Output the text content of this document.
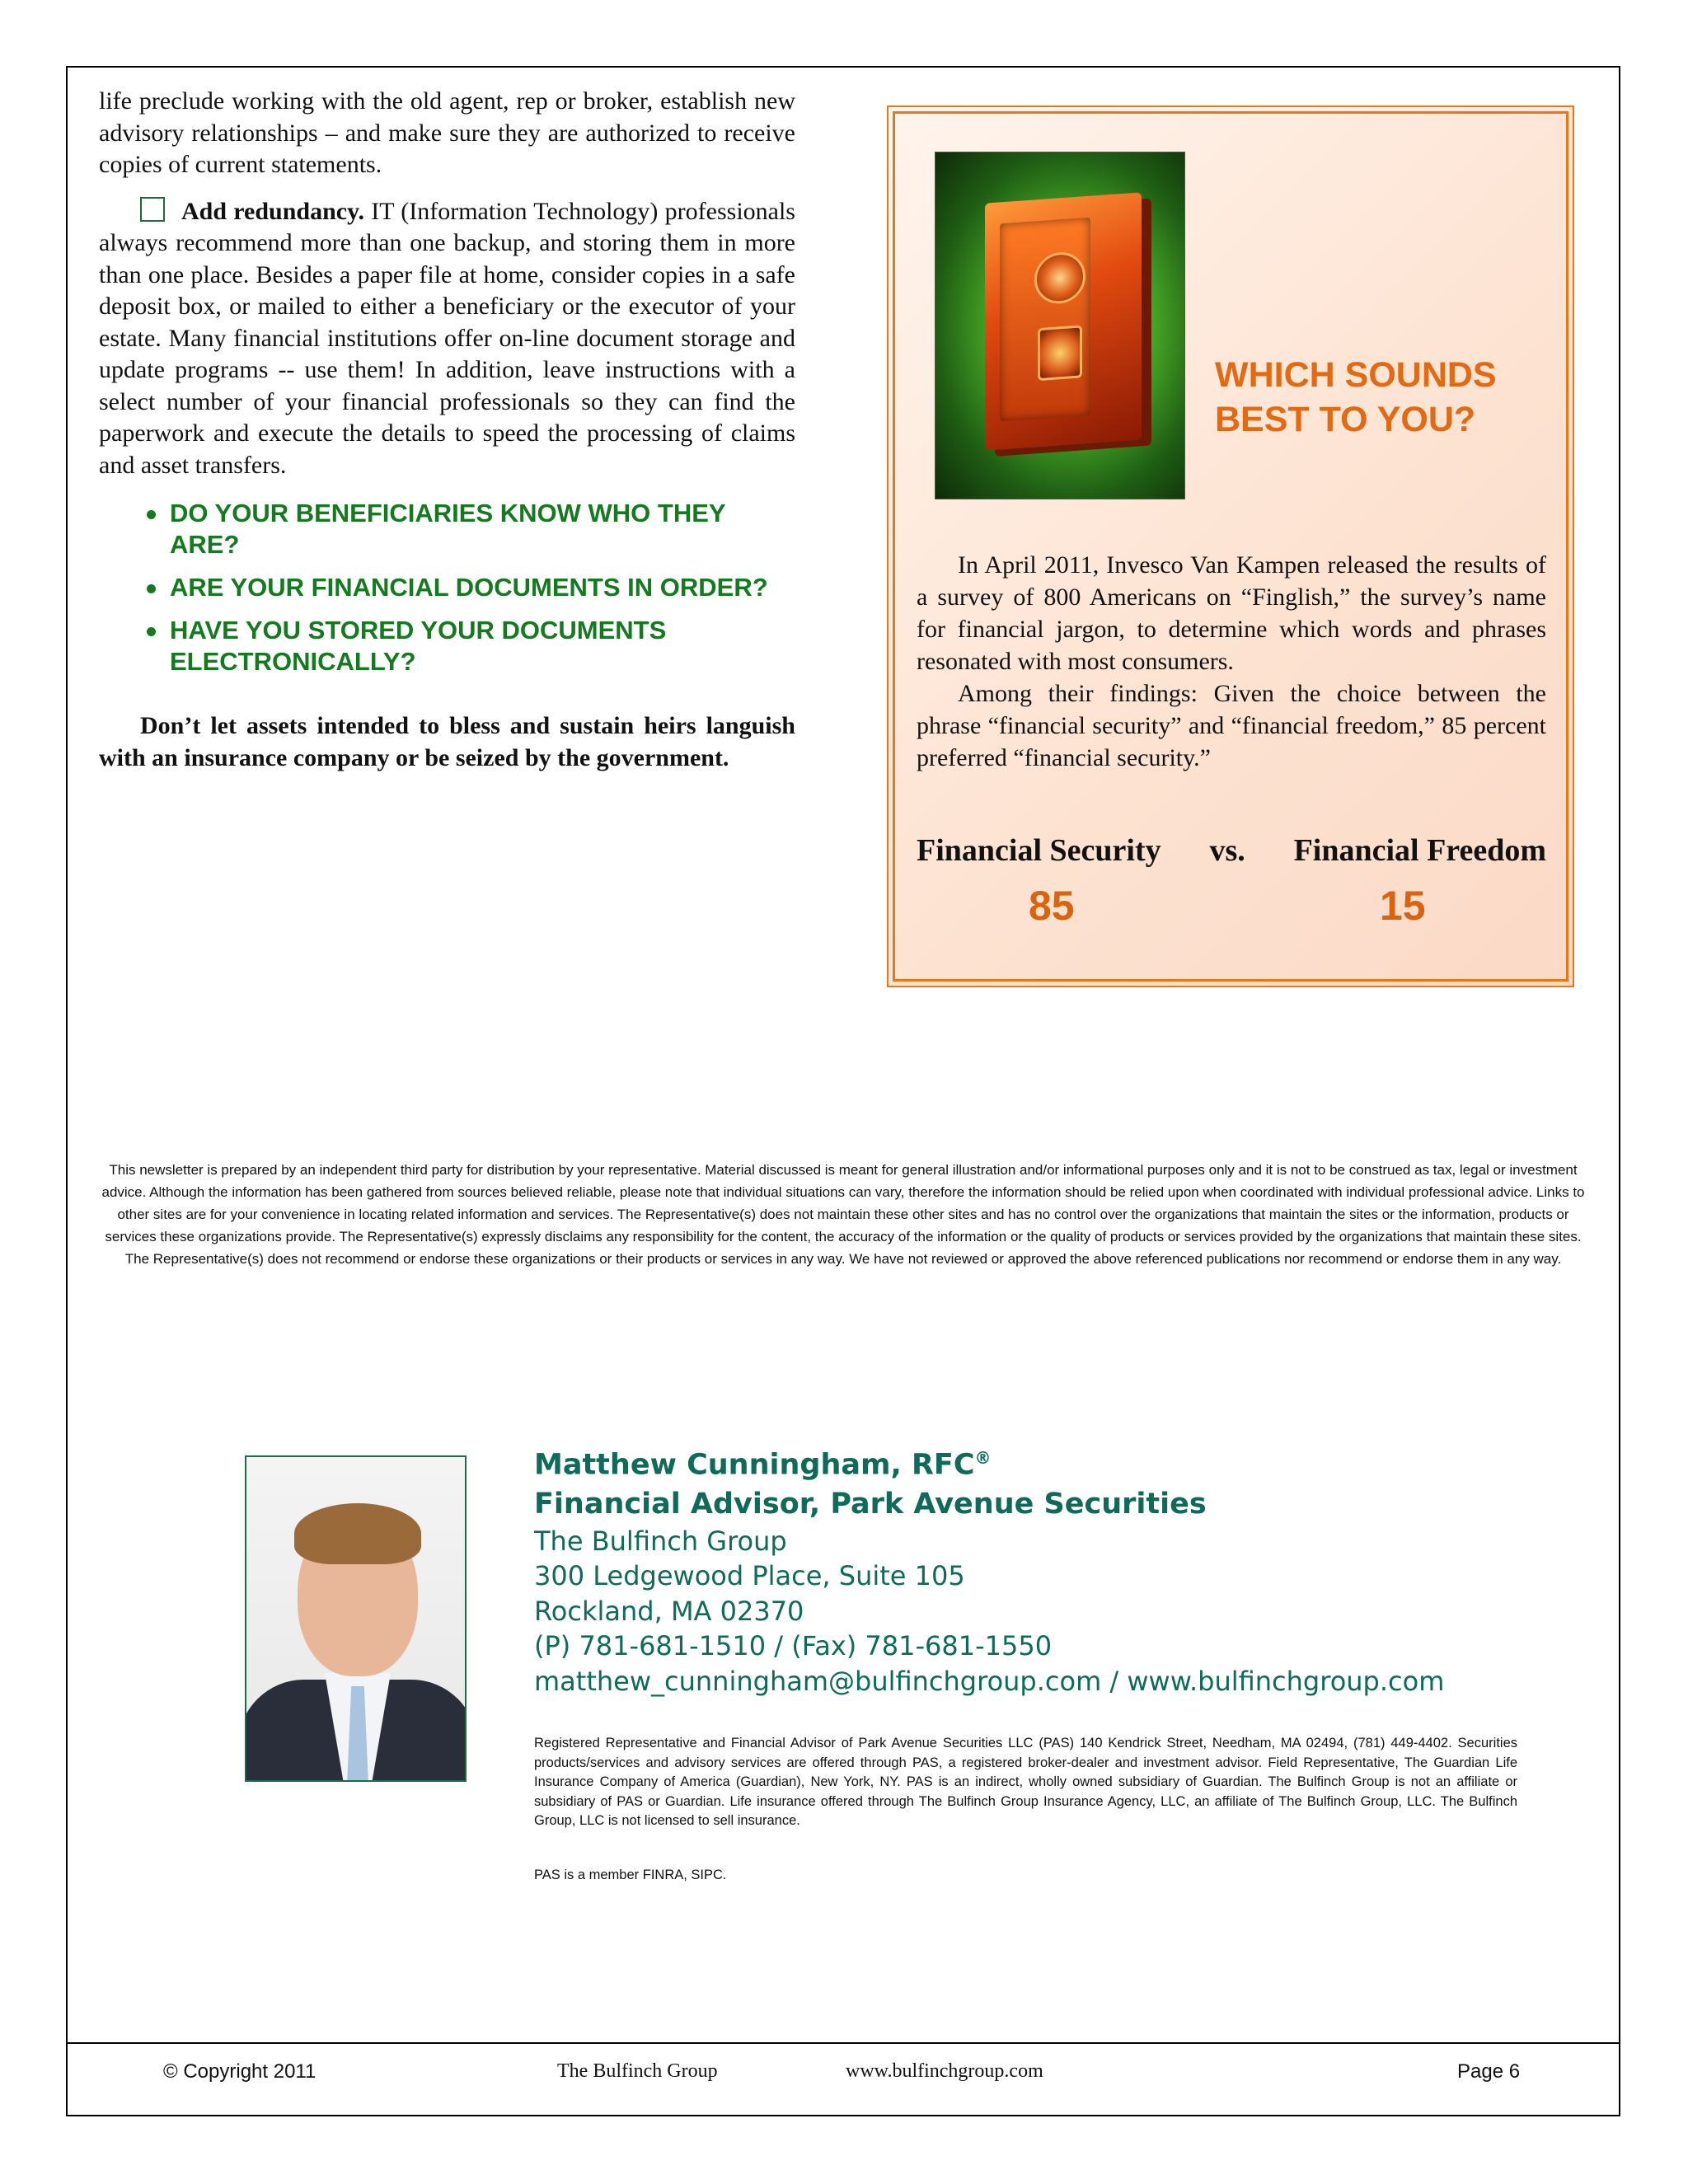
life preclude working with the old agent, rep or broker, establish new advisory relationships – and make sure they are authorized to receive copies of current statements.

Add redundancy. IT (Information Technology) professionals always recommend more than one backup, and storing them in more than one place. Besides a paper file at home, consider copies in a safe deposit box, or mailed to either a beneficiary or the executor of your estate. Many financial institutions offer on-line document storage and update programs -- use them! In addition, leave instructions with a select number of your financial professionals so they can find the paperwork and execute the details to speed the processing of claims and asset transfers.

DO YOUR BENEFICIARIES KNOW WHO THEY ARE?
ARE YOUR FINANCIAL DOCUMENTS IN ORDER?
HAVE YOU STORED YOUR DOCUMENTS ELECTRONICALLY?

Don’t let assets intended to bless and sustain heirs languish with an insurance company or be seized by the government.

WHICH SOUNDS BEST TO YOU?

In April 2011, Invesco Van Kampen released the results of a survey of 800 Americans on “Finglish,” the survey’s name for financial jargon, to determine which words and phrases resonated with most consumers.

Among their findings: Given the choice between the phrase “financial security” and “financial freedom,” 85 percent preferred “financial security.”

Financial Security vs. Financial Freedom
85	15

This newsletter is prepared by an independent third party for distribution by your representative. Material discussed is meant for general illustration and/or informational purposes only and it is not to be construed as tax, legal or investment advice. Although the information has been gathered from sources believed reliable, please note that individual situations can vary, therefore the information should be relied upon when coordinated with individual professional advice. Links to other sites are for your convenience in locating related information and services. The Representative(s) does not maintain these other sites and has no control over the organizations that maintain the sites or the information, products or services these organizations provide. The Representative(s) expressly disclaims any responsibility for the content, the accuracy of the information or the quality of products or services provided by the organizations that maintain these sites. The Representative(s) does not recommend or endorse these organizations or their products or services in any way. We have not reviewed or approved the above referenced publications nor recommend or endorse them in any way.

Matthew Cunningham, RFC®

Financial Advisor, Park Avenue Securities

The Bulfinch Group

300 Ledgewood Place, Suite 105

Rockland, MA 02370

(P) 781-681-1510 / (Fax) 781-681-1550

matthew_cunningham@bulfinchgroup.com / www.bulfinchgroup.com

Registered Representative and Financial Advisor of Park Avenue Securities LLC (PAS) 140 Kendrick Street, Needham, MA 02494, (781) 449-4402. Securities products/services and advisory services are offered through PAS, a registered broker-dealer and investment advisor. Field Representative, The Guardian Life Insurance Company of America (Guardian), New York, NY. PAS is an indirect, wholly owned subsidiary of Guardian. The Bulfinch Group is not an affiliate or subsidiary of PAS or Guardian. Life insurance offered through The Bulfinch Group Insurance Agency, LLC, an affiliate of The Bulfinch Group, LLC. The Bulfinch Group, LLC is not licensed to sell insurance.

PAS is a member FINRA, SIPC.

© Copyright 2011	The Bulfinch Group	www.bulfinchgroup.com	Page 6
